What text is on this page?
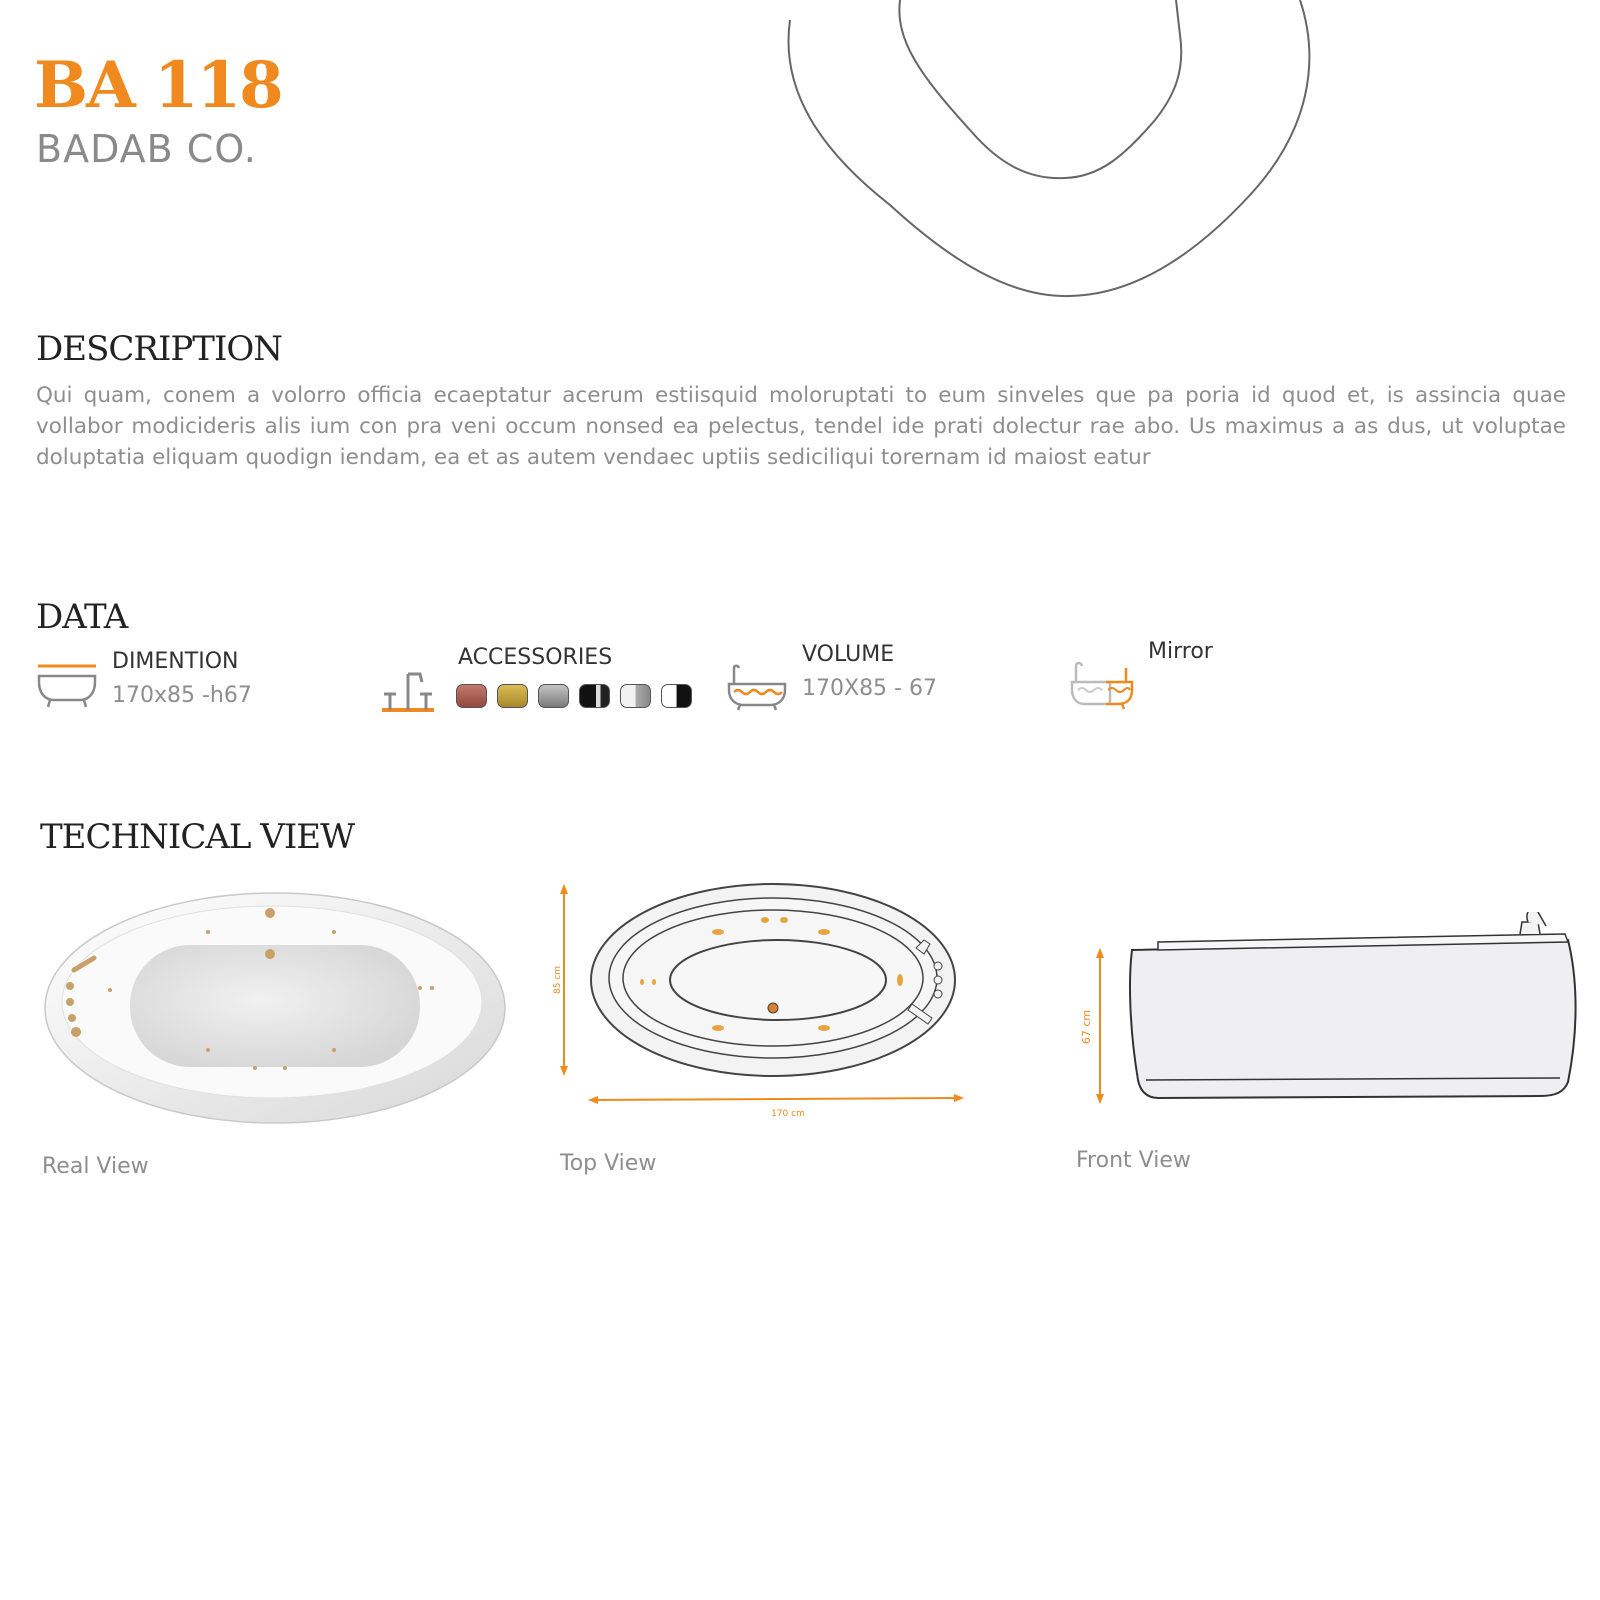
BA 118
BADAB CO.
DESCRIPTION
Qui quam, conem a volorro officia ecaeptatur acerum estiisquid moloruptati to eum sinveles que pa poria id quod et, is assincia quae vollabor modicideris alis ium con pra veni occum nonsed ea pelectus, tendel ide prati dolectur rae abo. Us maximus a as dus, ut voluptae doluptatia eliquam quodign iendam, ea et as autem vendaec uptiis sediciliqui torernam id maiost eatur
DATA
DIMENTION
170x85 -h67
ACCESSORIES	VOLUME
170X85 - 67
Mirror
TECHNICAL VIEW
Real View
85 cm
170 cm
Top View
67 cm
Front View
